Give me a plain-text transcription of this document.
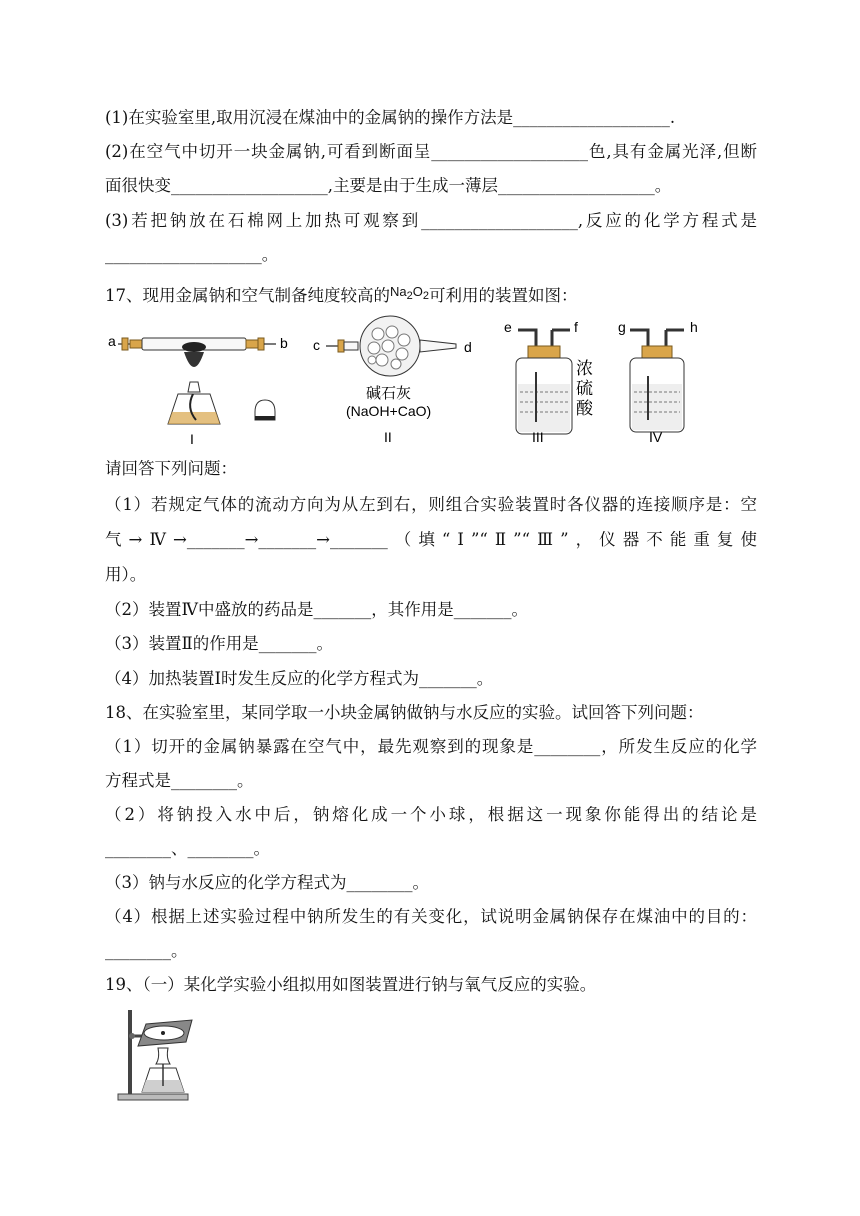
(1)在实验室里,取用沉浸在煤油中的金属钠的操作方法是___________________.
(2)在空气中切开一块金属钠,可看到断面呈___________________色,具有金属光泽,但断
面很快变___________________,主要是由于生成一薄层___________________。
(3)若把钠放在石棉网上加热可观察到___________________,反应的化学方程式是
___________________。
17、现用金属钠和空气制备纯度较高的$^{Na_2O_2}$可利用的装置如图：
a	b
I
c	d
碱石灰
(NaOH+CaO)
II
e	f
浓
硫
酸
III
g	h
IV
请回答下列问题：
（1）若规定气体的流动方向为从左到右，则组合实验装置时各仪器的连接顺序是：空
气→Ⅳ→_______→_______→_______（填“Ⅰ”“Ⅱ”“Ⅲ”，仪器不能重复使
用）。
（2）装置Ⅳ中盛放的药品是_______，其作用是_______。
（3）装置Ⅱ的作用是_______。
（4）加热装置Ⅰ时发生反应的化学方程式为_______。
18、在实验室里，某同学取一小块金属钠做钠与水反应的实验。试回答下列问题：
（1）切开的金属钠暴露在空气中，最先观察到的现象是________，所发生反应的化学
方程式是________。
（2）将钠投入水中后，钠熔化成一个小球，根据这一现象你能得出的结论是
________、________。
（3）钠与水反应的化学方程式为________。
（4）根据上述实验过程中钠所发生的有关变化，试说明金属钠保存在煤油中的目的：
________。
19、（一）某化学实验小组拟用如图装置进行钠与氧气反应的实验。
